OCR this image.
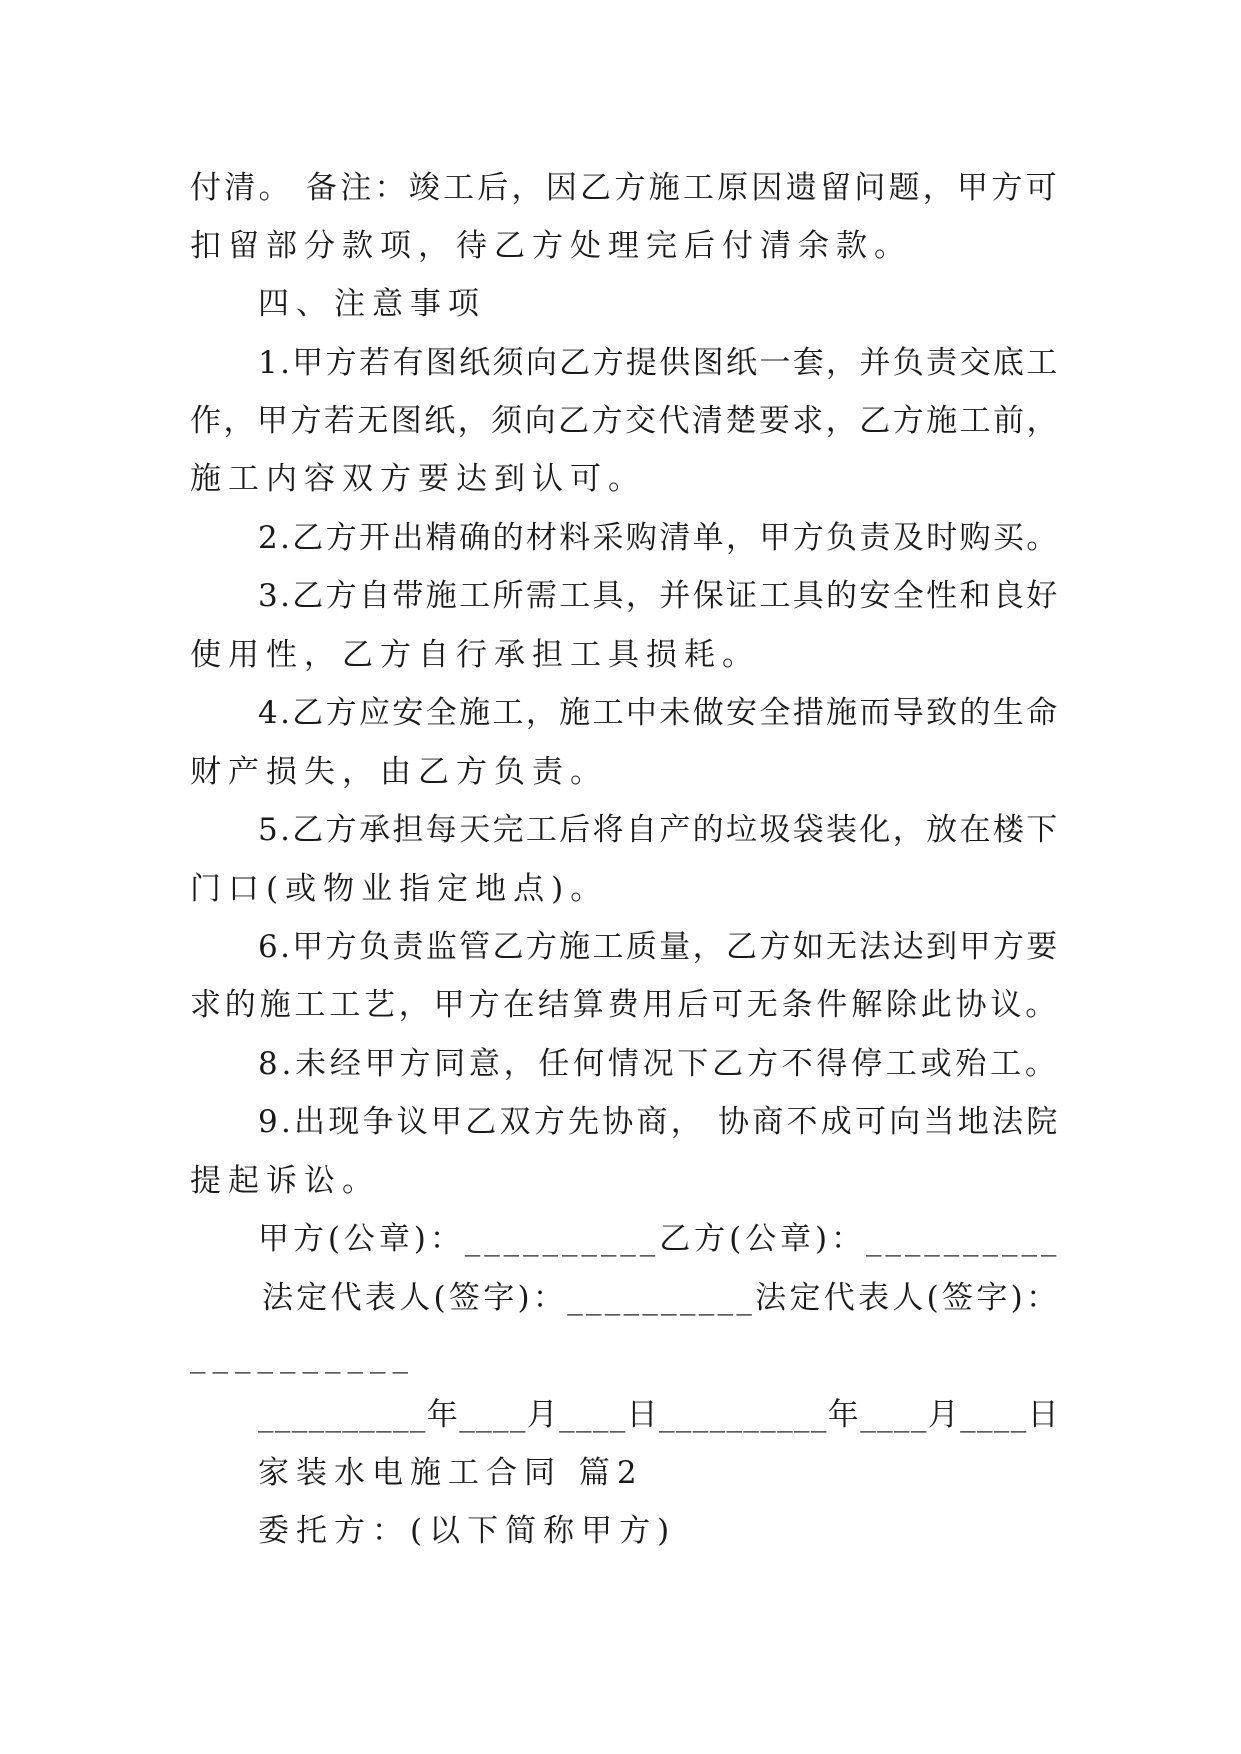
付清。 备注：竣工后，因乙方施工原因遗留问题，甲方可
扣留部分款项，待乙方处理完后付清余款。
四、注意事项
1.甲方若有图纸须向乙方提供图纸一套，并负责交底工
作，甲方若无图纸，须向乙方交代清楚要求，乙方施工前，
施工内容双方要达到认可。
2.乙方开出精确的材料采购清单，甲方负责及时购买。
3.乙方自带施工所需工具，并保证工具的安全性和良好
使用性，乙方自行承担工具损耗。
4.乙方应安全施工，施工中未做安全措施而导致的生命
财产损失，由乙方负责。
5.乙方承担每天完工后将自产的垃圾袋装化，放在楼下
门口(或物业指定地点)。
6.甲方负责监管乙方施工质量，乙方如无法达到甲方要
求的施工工艺，甲方在结算费用后可无条件解除此协议。
8.未经甲方同意，任何情况下乙方不得停工或殆工。
9.出现争议甲乙双方先协商， 协商不成可向当地法院
提起诉讼。
甲方(公章)：__________乙方(公章)：__________
法定代表人(签字)：__________法定代表人(签字)：
__________
__________年____月____日__________年____月____日
家装水电施工合同 篇2
委托方：(以下简称甲方)
